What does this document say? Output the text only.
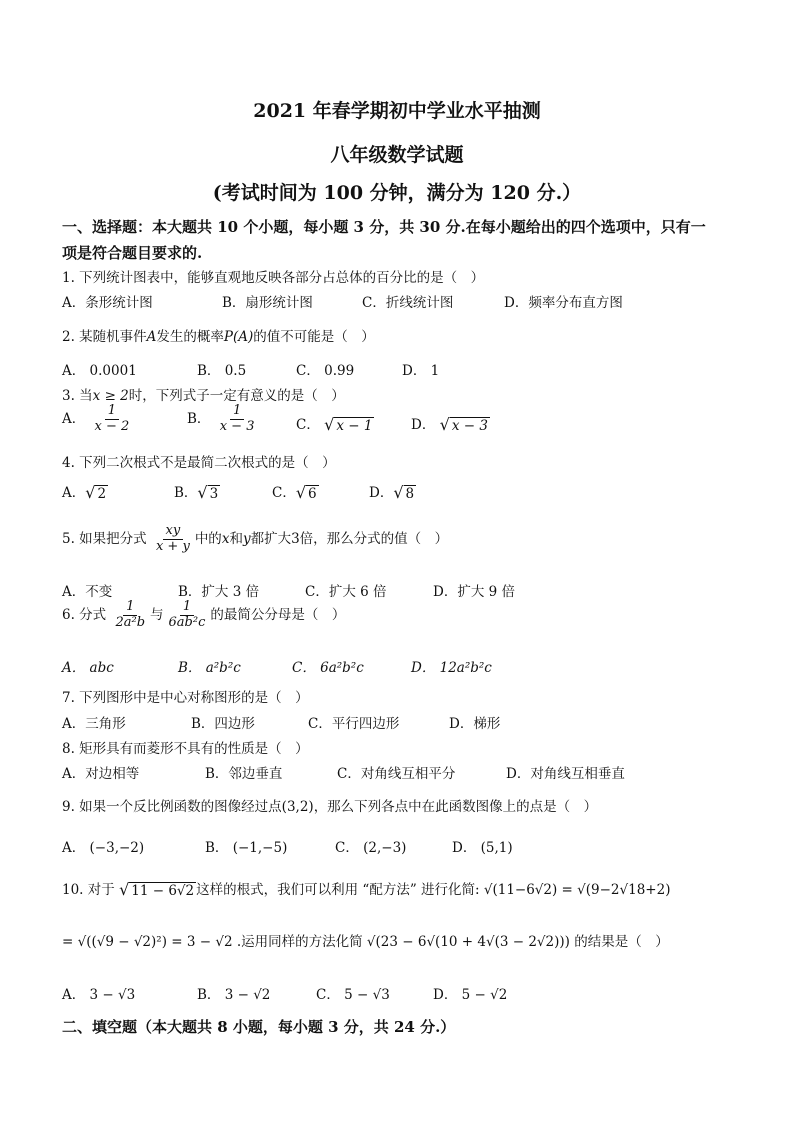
2021 年春学期初中学业水平抽测
八年级数学试题
(考试时间为 100 分钟，满分为 120 分.）
一、选择题：本大题共 10 个小题，每小题 3 分，共 30 分.在每小题给出的四个选项中，只有一
项是符合题目要求的.
1. 下列统计图表中，能够直观地反映各部分占总体的百分比的是（　）
A．条形统计图	B．扇形统计图	C．折线统计图	D．频率分布直方图
2. 某随机事件A发生的概率P(A)的值不可能是（　）
A． 0.0001	B． 0.5	C． 0.99	D． 1
3. 当x ≥ 2时，下列式子一定有意义的是（　）
A． $\frac{1}{x - 2}$	B． $\frac{1}{x - 3}$	C． √ x − 1	D． √ x − 3
4. 下列二次根式不是最简二次根式的是（　）
A． √ 2	B． √ 3	C． √ 6	D． √ 8
5. 如果把分式 $\frac{xy}{x + y}$ 中的x和y都扩大3倍，那么分式的值（　）
A．不变	B．扩大 3 倍	C．扩大 6 倍	D．扩大 9 倍
6. 分式 $\frac{1}{\text{2a²b}}$ 与 $\frac{1}{\text{6ab²c}}$ 的最简公分母是（　）
A． abc	B． a²b²c	C． 6a²b²c	D． 12a²b²c
7. 下列图形中是中心对称图形的是（　）
A．三角形	B．四边形	C．平行四边形	D．梯形
8. 矩形具有而菱形不具有的性质是（　）
A．对边相等	B．邻边垂直	C．对角线互相平分	D．对角线互相垂直
9. 如果一个反比例函数的图像经过点(3,2)，那么下列各点中在此函数图像上的点是（　）
A． (−3,−2)	B． (−1,−5)	C． (2,−3)	D． (5,1)
10. 对于 √ 11 − 6√2 这样的根式，我们可以利用 “配方法” 进行化简: √(11−6√2) = √(9−2√18+2)
= √((√9 − √2)²) = 3 − √2 .运用同样的方法化简 √(23 − 6√(10 + 4√(3 − 2√2))) 的结果是（　）
A． 3 − √3	B． 3 − √2	C． 5 − √3	D． 5 − √2
二、填空题（本大题共 8 小题，每小题 3 分，共 24 分.）
